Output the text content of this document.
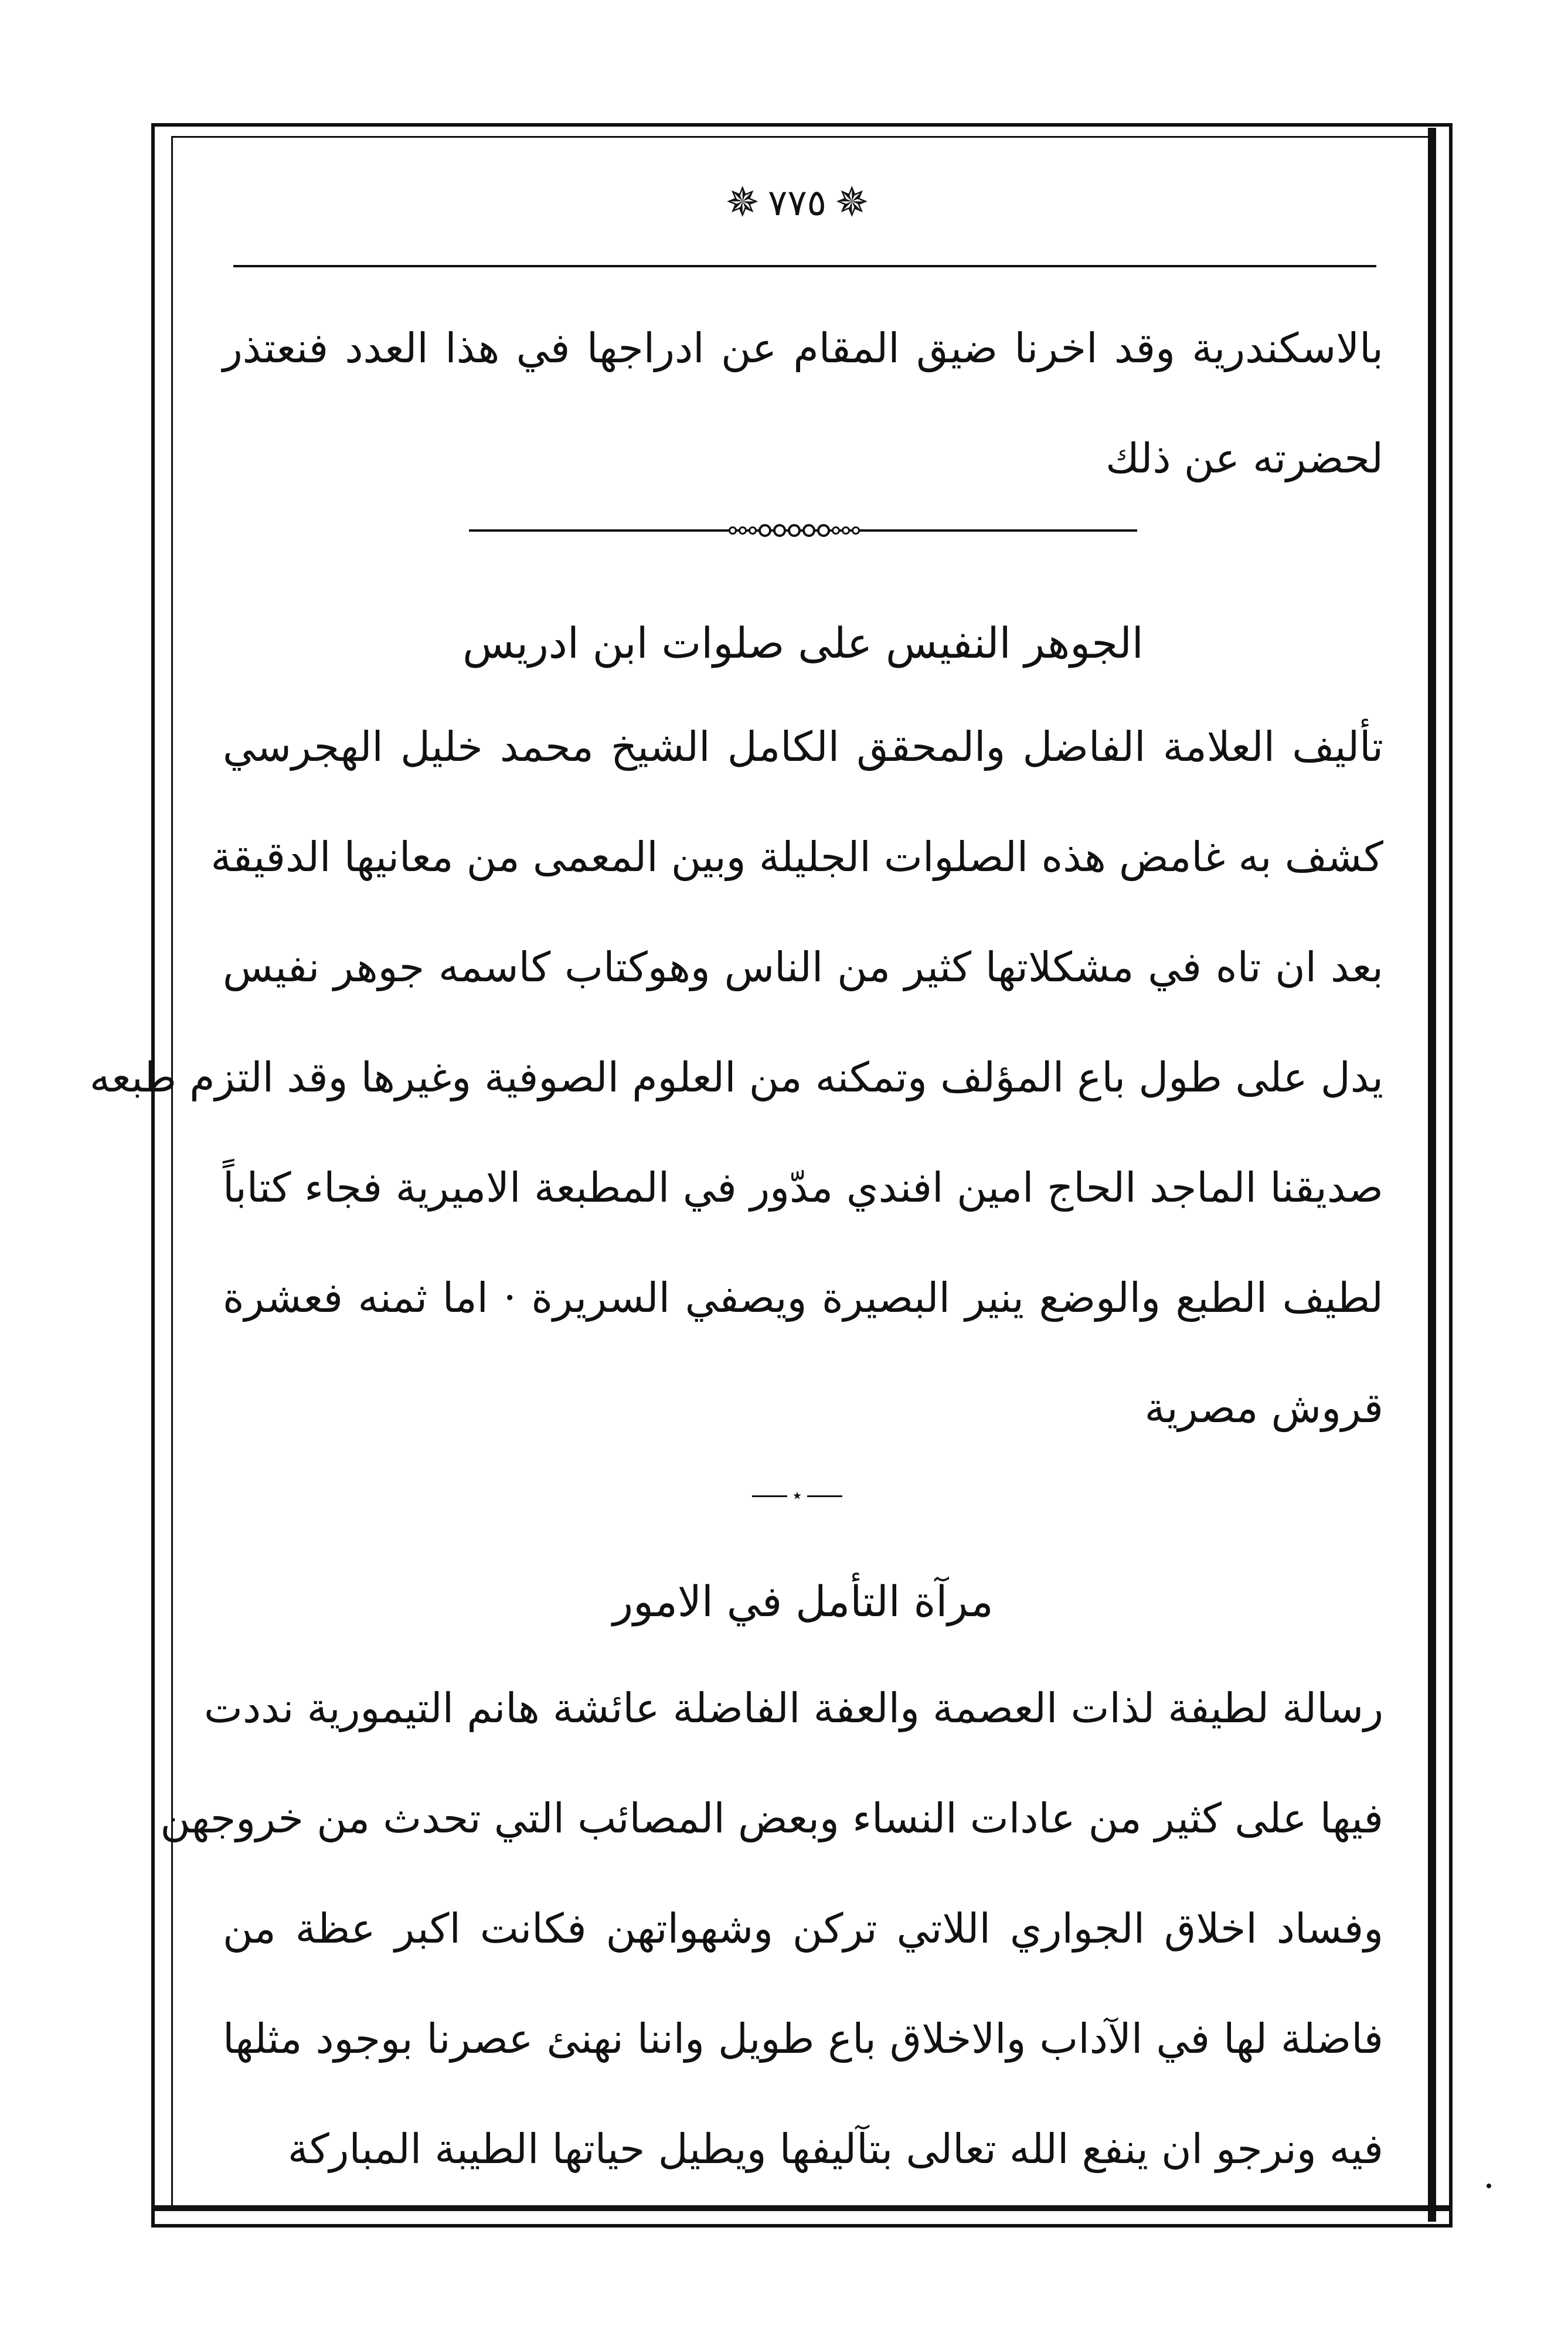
✵
٧٧٥
✵
بالاسكندرية وقد اخرنا ضيق المقام عن ادراجها في هذا العدد فنعتذر
لحضرته عن ذلك
الجوهر النفيس على صلوات ابن ادريس
تأليف العلامة الفاضل والمحقق الكامل الشيخ محمد خليل الهجرسي
كشف به غامض هذه الصلوات الجليلة وبين المعمى من معانيها الدقيقة
بعد ان تاه في مشكلاتها كثير من الناس وهوكتاب كاسمه جوهر نفيس
يدل على طول باع المؤلف وتمكنه من العلوم الصوفية وغيرها وقد التزم طبعه
صديقنا الماجد الحاج امين افندي مدّور في المطبعة الاميرية فجاء كتاباً
لطيف الطبع والوضع ينير البصيرة ويصفي السريرة · اما ثمنه فعشرة
قروش مصرية
⋆
مرآة التأمل في الامور
رسالة لطيفة لذات العصمة والعفة الفاضلة عائشة هانم التيمورية نددت
فيها على كثير من عادات النساء وبعض المصائب التي تحدث من خروجهن
وفساد اخلاق الجواري اللاتي تركن وشهواتهن فكانت اكبر عظة من
فاضلة لها في الآداب والاخلاق باع طويل واننا نهنئ عصرنا بوجود مثلها
فيه ونرجو ان ينفع الله تعالى بتآليفها ويطيل حياتها الطيبة المباركة
